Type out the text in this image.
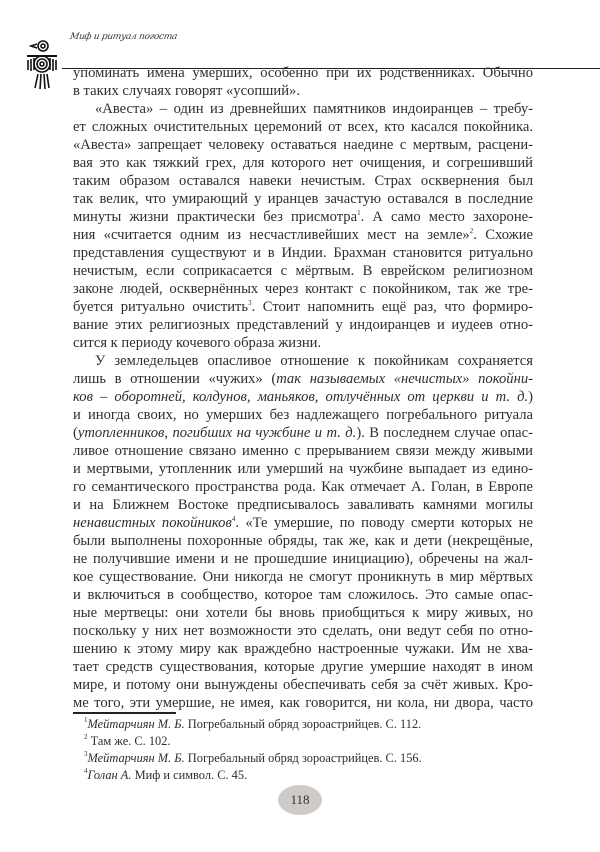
Миф и ритуал погоста
упоминать имена умерших, особенно при их родственниках. Обычно
в таких случаях говорят «усопший».
«Авеста» – один из древнейших памятников индоиранцев – требу-
ет сложных очистительных церемоний от всех, кто касался покойника.
«Авеста» запрещает человеку оставаться наедине с мертвым, расцени-
вая это как тяжкий грех, для которого нет очищения, и согрешивший
таким образом оставался навеки нечистым. Страх осквернения был
так велик, что умирающий у иранцев зачастую оставался в последние
минуты жизни практически без присмотра$^1$. А само место захороне-
ния «считается одним из несчастливейших мест на земле»$^2$. Схожие
представления существуют и в Индии. Брахман становится ритуально
нечистым, если соприкасается с мёртвым. В еврейском религиозном
законе людей, осквернённых через контакт с покойником, так же тре-
буется ритуально очистить$^3$. Стоит напомнить ещё раз, что формиро-
вание этих религиозных представлений у индоиранцев и иудеев отно-
сится к периоду кочевого образа жизни.
У земледельцев опасливое отношение к покойникам сохраняется
лишь в отношении «чужих» (так называемых «нечистых» покойни-
ков – оборотней, колдунов, маньяков, отлучённых от церкви и т. д.)
и иногда своих, но умерших без надлежащего погребального ритуала
(утопленников, погибших на чужбине и т. д.). В последнем случае опас-
ливое отношение связано именно с прерыванием связи между живыми
и мертвыми, утопленник или умерший на чужбине выпадает из едино-
го семантического пространства рода. Как отмечает А. Голан, в Европе
и на Ближнем Востоке предписывалось заваливать камнями могилы
ненавистных покойников$^4$. «Те умершие, по поводу смерти которых не
были выполнены похоронные обряды, так же, как и дети (некрещёные,
не получившие имени и не прошедшие инициацию), обречены на жал-
кое существование. Они никогда не смогут проникнуть в мир мёртвых
и включиться в сообщество, которое там сложилось. Это самые опас-
ные мертвецы: они хотели бы вновь приобщиться к миру живых, но
поскольку у них нет возможности это сделать, они ведут себя по отно-
шению к этому миру как враждебно настроенные чужаки. Им не хва-
тает средств существования, которые другие умершие находят в ином
мире, и потому они вынуждены обеспечивать себя за счёт живых. Кро-
ме того, эти умершие, не имея, как говорится, ни кола, ни двора, часто
$^1$Мейтарчиян М. Б. Погребальный обряд зороастрийцев. С. 112.
$^2$ Там же. С. 102.
$^3$Мейтарчиян М. Б. Погребальный обряд зороастрийцев. С. 156.
$^4$Голан А. Миф и символ. С. 45.
118
